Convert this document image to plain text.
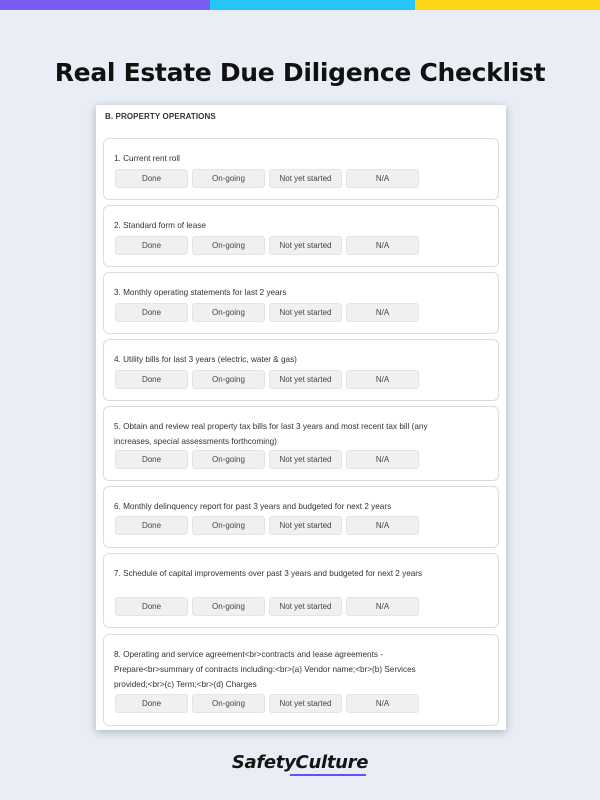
Real Estate Due Diligence Checklist
B. PROPERTY OPERATIONS
1. Current rent roll
Done	On-going	Not yet started	N/A
2. Standard form of lease
Done	On-going	Not yet started	N/A
3. Monthly operating statements for last 2 years
Done	On-going	Not yet started	N/A
4. Utility bills for last 3 years (electric, water & gas)
Done	On-going	Not yet started	N/A
5. Obtain and review real property tax bills for last 3 years and most recent tax bill (any increases, special assessments forthcoming)
Done	On-going	Not yet started	N/A
6. Monthly delinquency report for past 3 years and budgeted for next 2 years
Done	On-going	Not yet started	N/A
7. Schedule of capital improvements over past 3 years and budgeted for next 2 years
Done	On-going	Not yet started	N/A
8. Operating and service agreement<br>contracts and lease agreements - Prepare<br>summary of contracts including:<br>(a) Vendor name;<br>(b) Services provided;<br>(c) Term;<br>(d) Charges
Done	On-going	Not yet started	N/A
SafetyCulture
